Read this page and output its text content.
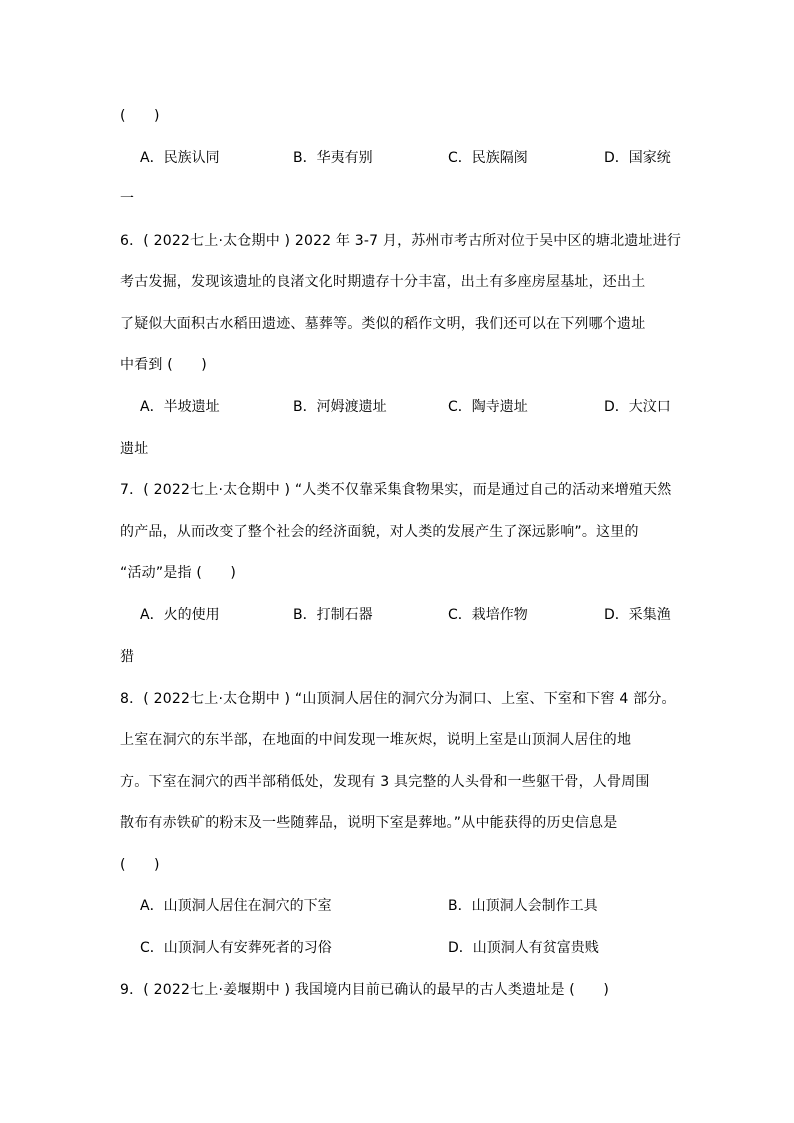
(　　)
A．民族认同	B．华夷有别	C．民族隔阂	D．国家统
一
6．( 2022七上·太仓期中 ) 2022 年 3-7 月，苏州市考古所对位于吴中区的塘北遗址进行
考古发掘，发现该遗址的良渚文化时期遗存十分丰富，出土有多座房屋基址，还出土
了疑似大面积古水稻田遗迹、墓葬等。类似的稻作文明，我们还可以在下列哪个遗址
中看到 (　　)
A．半坡遗址	B．河姆渡遗址	C．陶寺遗址	D．大汶口
遗址
7．( 2022七上·太仓期中 ) “人类不仅靠采集食物果实，而是通过自己的活动来增殖天然
的产品，从而改变了整个社会的经济面貌，对人类的发展产生了深远影响”。这里的
“活动”是指 (　　)
A．火的使用	B．打制石器	C．栽培作物	D．采集渔
猎
8．( 2022七上·太仓期中 ) “山顶洞人居住的洞穴分为洞口、上室、下室和下窖 4 部分。
上室在洞穴的东半部，在地面的中间发现一堆灰烬，说明上室是山顶洞人居住的地
方。下室在洞穴的西半部稍低处，发现有 3 具完整的人头骨和一些躯干骨，人骨周围
散布有赤铁矿的粉末及一些随葬品，说明下室是葬地。”从中能获得的历史信息是
(　　)
A．山顶洞人居住在洞穴的下室	B．山顶洞人会制作工具
C．山顶洞人有安葬死者的习俗	D．山顶洞人有贫富贵贱
9．( 2022七上·姜堰期中 ) 我国境内目前已确认的最早的古人类遗址是 (　　)
